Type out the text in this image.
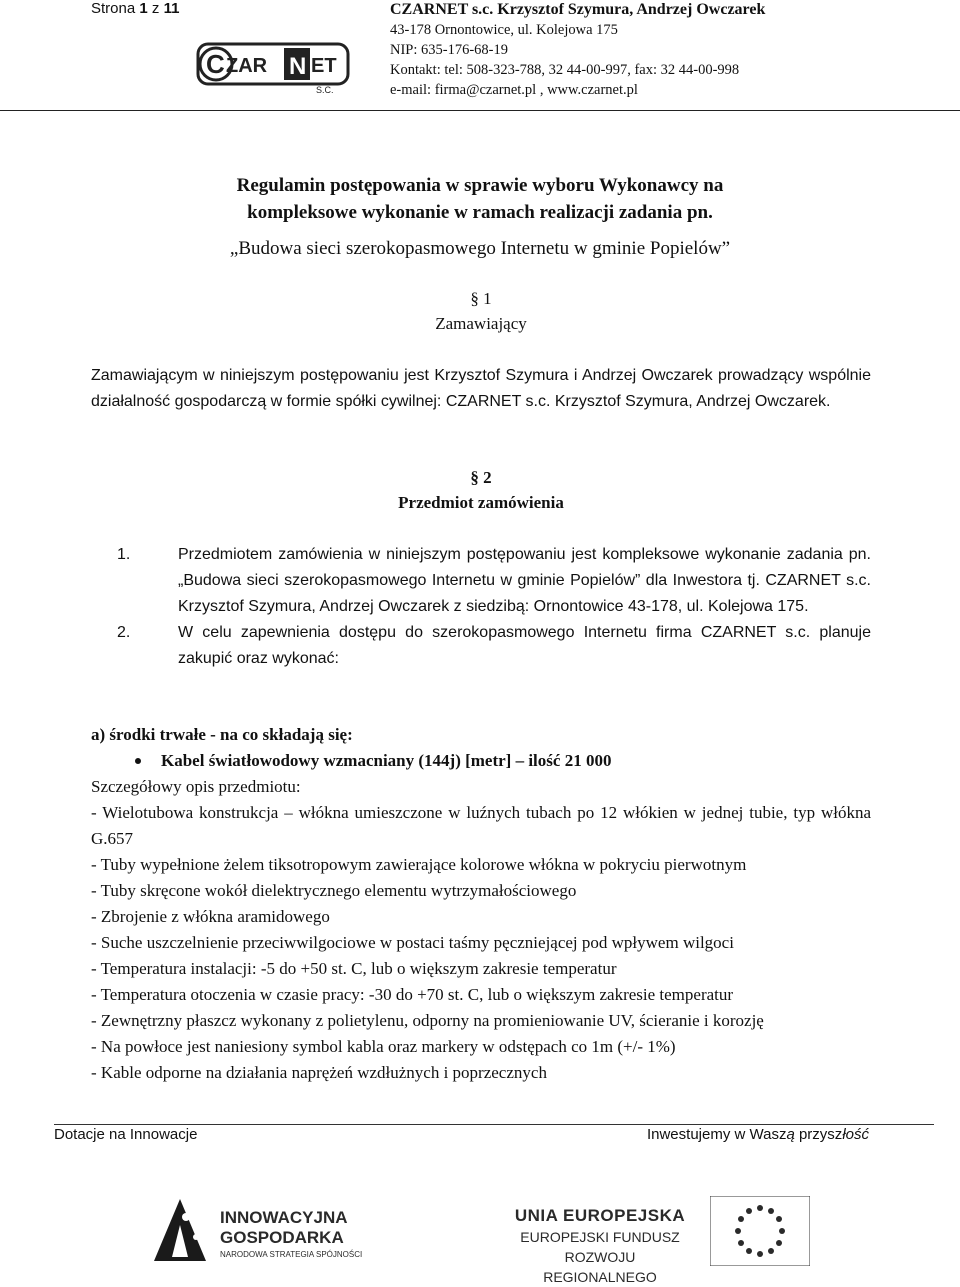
Strona 1 z 11
C ZAR N ET
S.C.
CZARNET s.c. Krzysztof Szymura, Andrzej Owczarek
43-178 Ornontowice, ul. Kolejowa 175
NIP: 635-176-68-19
Kontakt: tel: 508-323-788, 32 44-00-997, fax: 32 44-00-998
e-mail: firma@czarnet.pl , www.czarnet.pl
Regulamin postępowania w sprawie wyboru Wykonawcy na
kompleksowe wykonanie w ramach realizacji zadania pn.
„Budowa sieci szerokopasmowego Internetu w gminie Popielów”
§ 1
Zamawiający

Zamawiającym w niniejszym postępowaniu jest Krzysztof Szymura i Andrzej Owczarek prowadzący wspólnie działalność gospodarczą w formie spółki cywilnej: CZARNET s.c. Krzysztof Szymura, Andrzej Owczarek.

§ 2
Przedmiot zamówienia
1.	Przedmiotem zamówienia w niniejszym postępowaniu jest kompleksowe wykonanie zadania pn. „Budowa sieci szerokopasmowego Internetu w gminie Popielów” dla Inwestora tj. CZARNET s.c. Krzysztof Szymura, Andrzej Owczarek z siedzibą: Ornontowice 43-178, ul. Kolejowa 175.
2.	W celu zapewnienia dostępu do szerokopasmowego Internetu firma CZARNET s.c. planuje zakupić oraz wykonać:
a) środki trwałe - na co składają się:
Kabel światłowodowy wzmacniany (144j) [metr] – ilość 21 000
Szczegółowy opis przedmiotu:
- Wielotubowa konstrukcja – włókna umieszczone w luźnych tubach po 12 włókien w jednej tubie, typ włókna G.657
- Tuby wypełnione żelem tiksotropowym zawierające kolorowe włókna w pokryciu pierwotnym
- Tuby skręcone wokół dielektrycznego elementu wytrzymałościowego
- Zbrojenie z włókna aramidowego
- Suche uszczelnienie przeciwwilgociowe w postaci taśmy pęczniejącej pod wpływem wilgoci
- Temperatura instalacji: -5 do +50 st. C, lub o większym zakresie temperatur
- Temperatura otoczenia w czasie pracy: -30 do +70 st. C, lub o większym zakresie temperatur
- Zewnętrzny płaszcz wykonany z polietylenu, odporny na promieniowanie UV, ścieranie i korozję
- Na powłoce jest naniesiony symbol kabla oraz markery w odstępach co 1m (+/- 1%)
- Kable odporne na działania naprężeń wzdłużnych i poprzecznych
Dotacje na Innowacje	Inwestujemy w Waszą przyszłość
INNOWACYJNA
GOSPODARKA
NARODOWA STRATEGIA SPÓJNOŚCI
UNIA EUROPEJSKA
EUROPEJSKI FUNDUSZ
ROZWOJU REGIONALNEGO
